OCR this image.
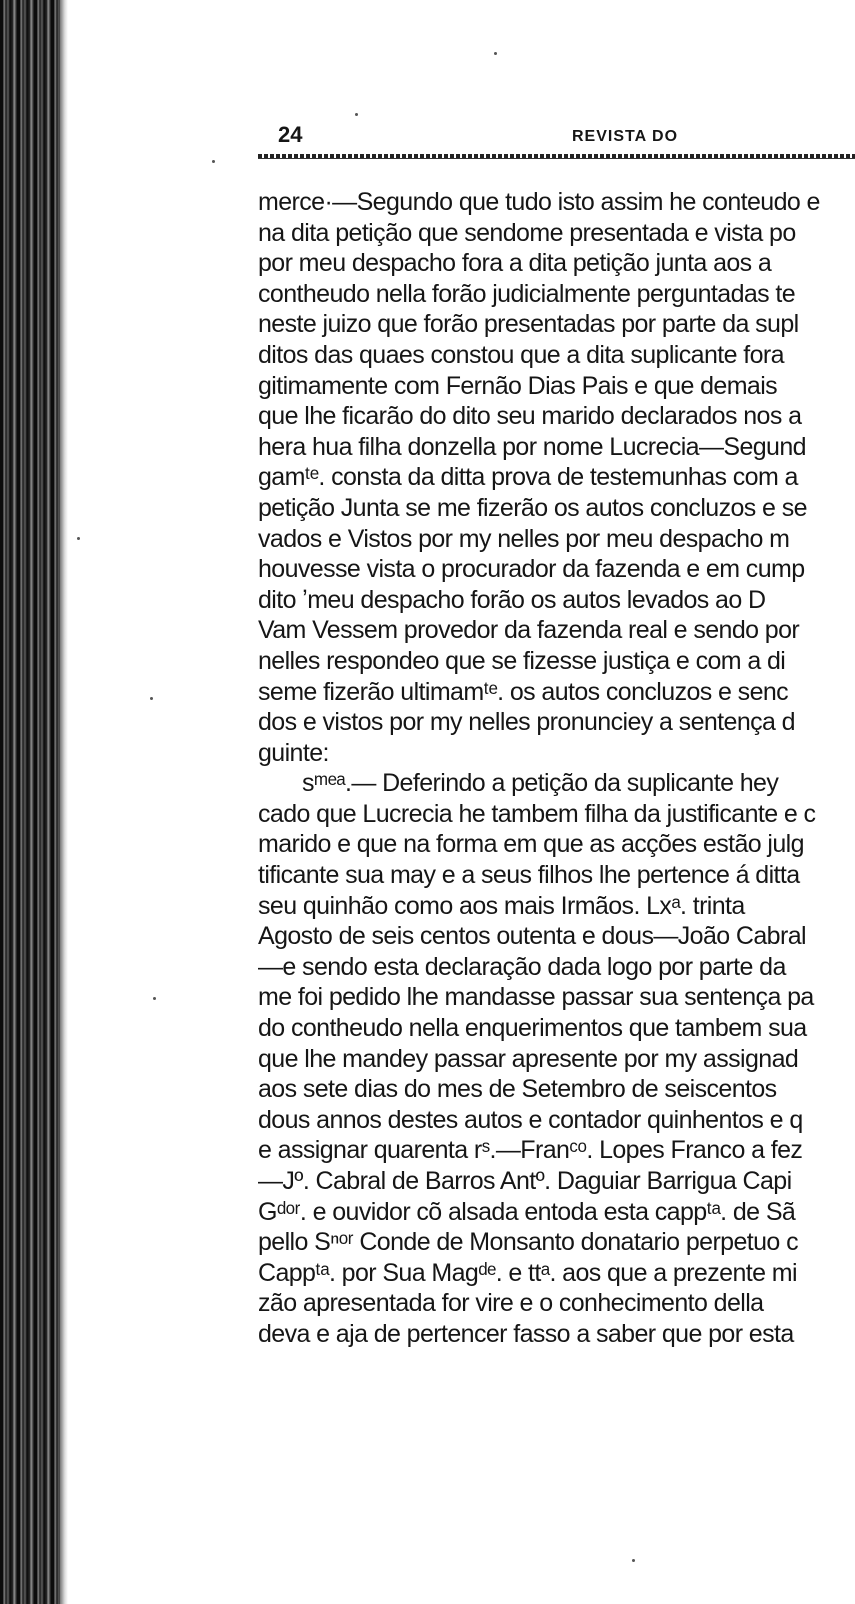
24	REVISTA DO
merce·—Segundo que tudo isto assim he conteudo e
na dita petição que sendome presentada e vista po
por meu despacho fora a dita petição junta aos a
contheudo nella forão judicialmente perguntadas te
neste juizo que forão presentadas por parte da supl
ditos das quaes constou que a dita suplicante fora
gitimamente com Fernão Dias Pais e que demais
que lhe ficarão do dito seu marido declarados nos a
hera hua filha donzella por nome Lucrecia—Segund
gamᵗᵉ. consta da ditta prova de testemunhas com a
petição Junta se me fizerão os autos concluzos e se
vados e Vistos por my nelles por meu despacho m
houvesse vista o procurador da fazenda e em cump
dito ʼmeu despacho forão os autos levados ao D
Vam Vessem provedor da fazenda real e sendo por
nelles respondeo que se fizesse justiça e com a di
seme fizerão ultimamᵗᵉ. os autos concluzos e senc
dos e vistos por my nelles pronunciey a sentença d
guinte:
sᵐᵉᵃ.— Deferindo a petição da suplicante hey
cado que Lucrecia he tambem filha da justificante e c
marido e que na forma em que as acções estão julg
tificante sua may e a seus filhos lhe pertence á ditta
seu quinhão como aos mais Irmãos. Lxᵃ. trinta
Agosto de seis centos outenta e dous—João Cabral
—e sendo esta declaração dada logo por parte da
me foi pedido lhe mandasse passar sua sentença pa
do contheudo nella enquerimentos que tambem sua
que lhe mandey passar apresente por my assignad
aos sete dias do mes de Setembro de seiscentos
dous annos destes autos e contador quinhentos e q
e assignar quarenta rˢ.—Franᶜᵒ. Lopes Franco a fez
—Jº. Cabral de Barros Antº. Daguiar Barrigua Capi
Gᵈᵒʳ. e ouvidor cõ alsada entoda esta cappᵗᵃ. de Sã
pello Sⁿᵒʳ Conde de Monsanto donatario perpetuo c
Cappᵗᵃ. por Sua Magᵈᵉ. e ttᵃ. aos que a prezente mi
zão apresentada for vire e o conhecimento della
deva e aja de pertencer fasso a saber que por esta
